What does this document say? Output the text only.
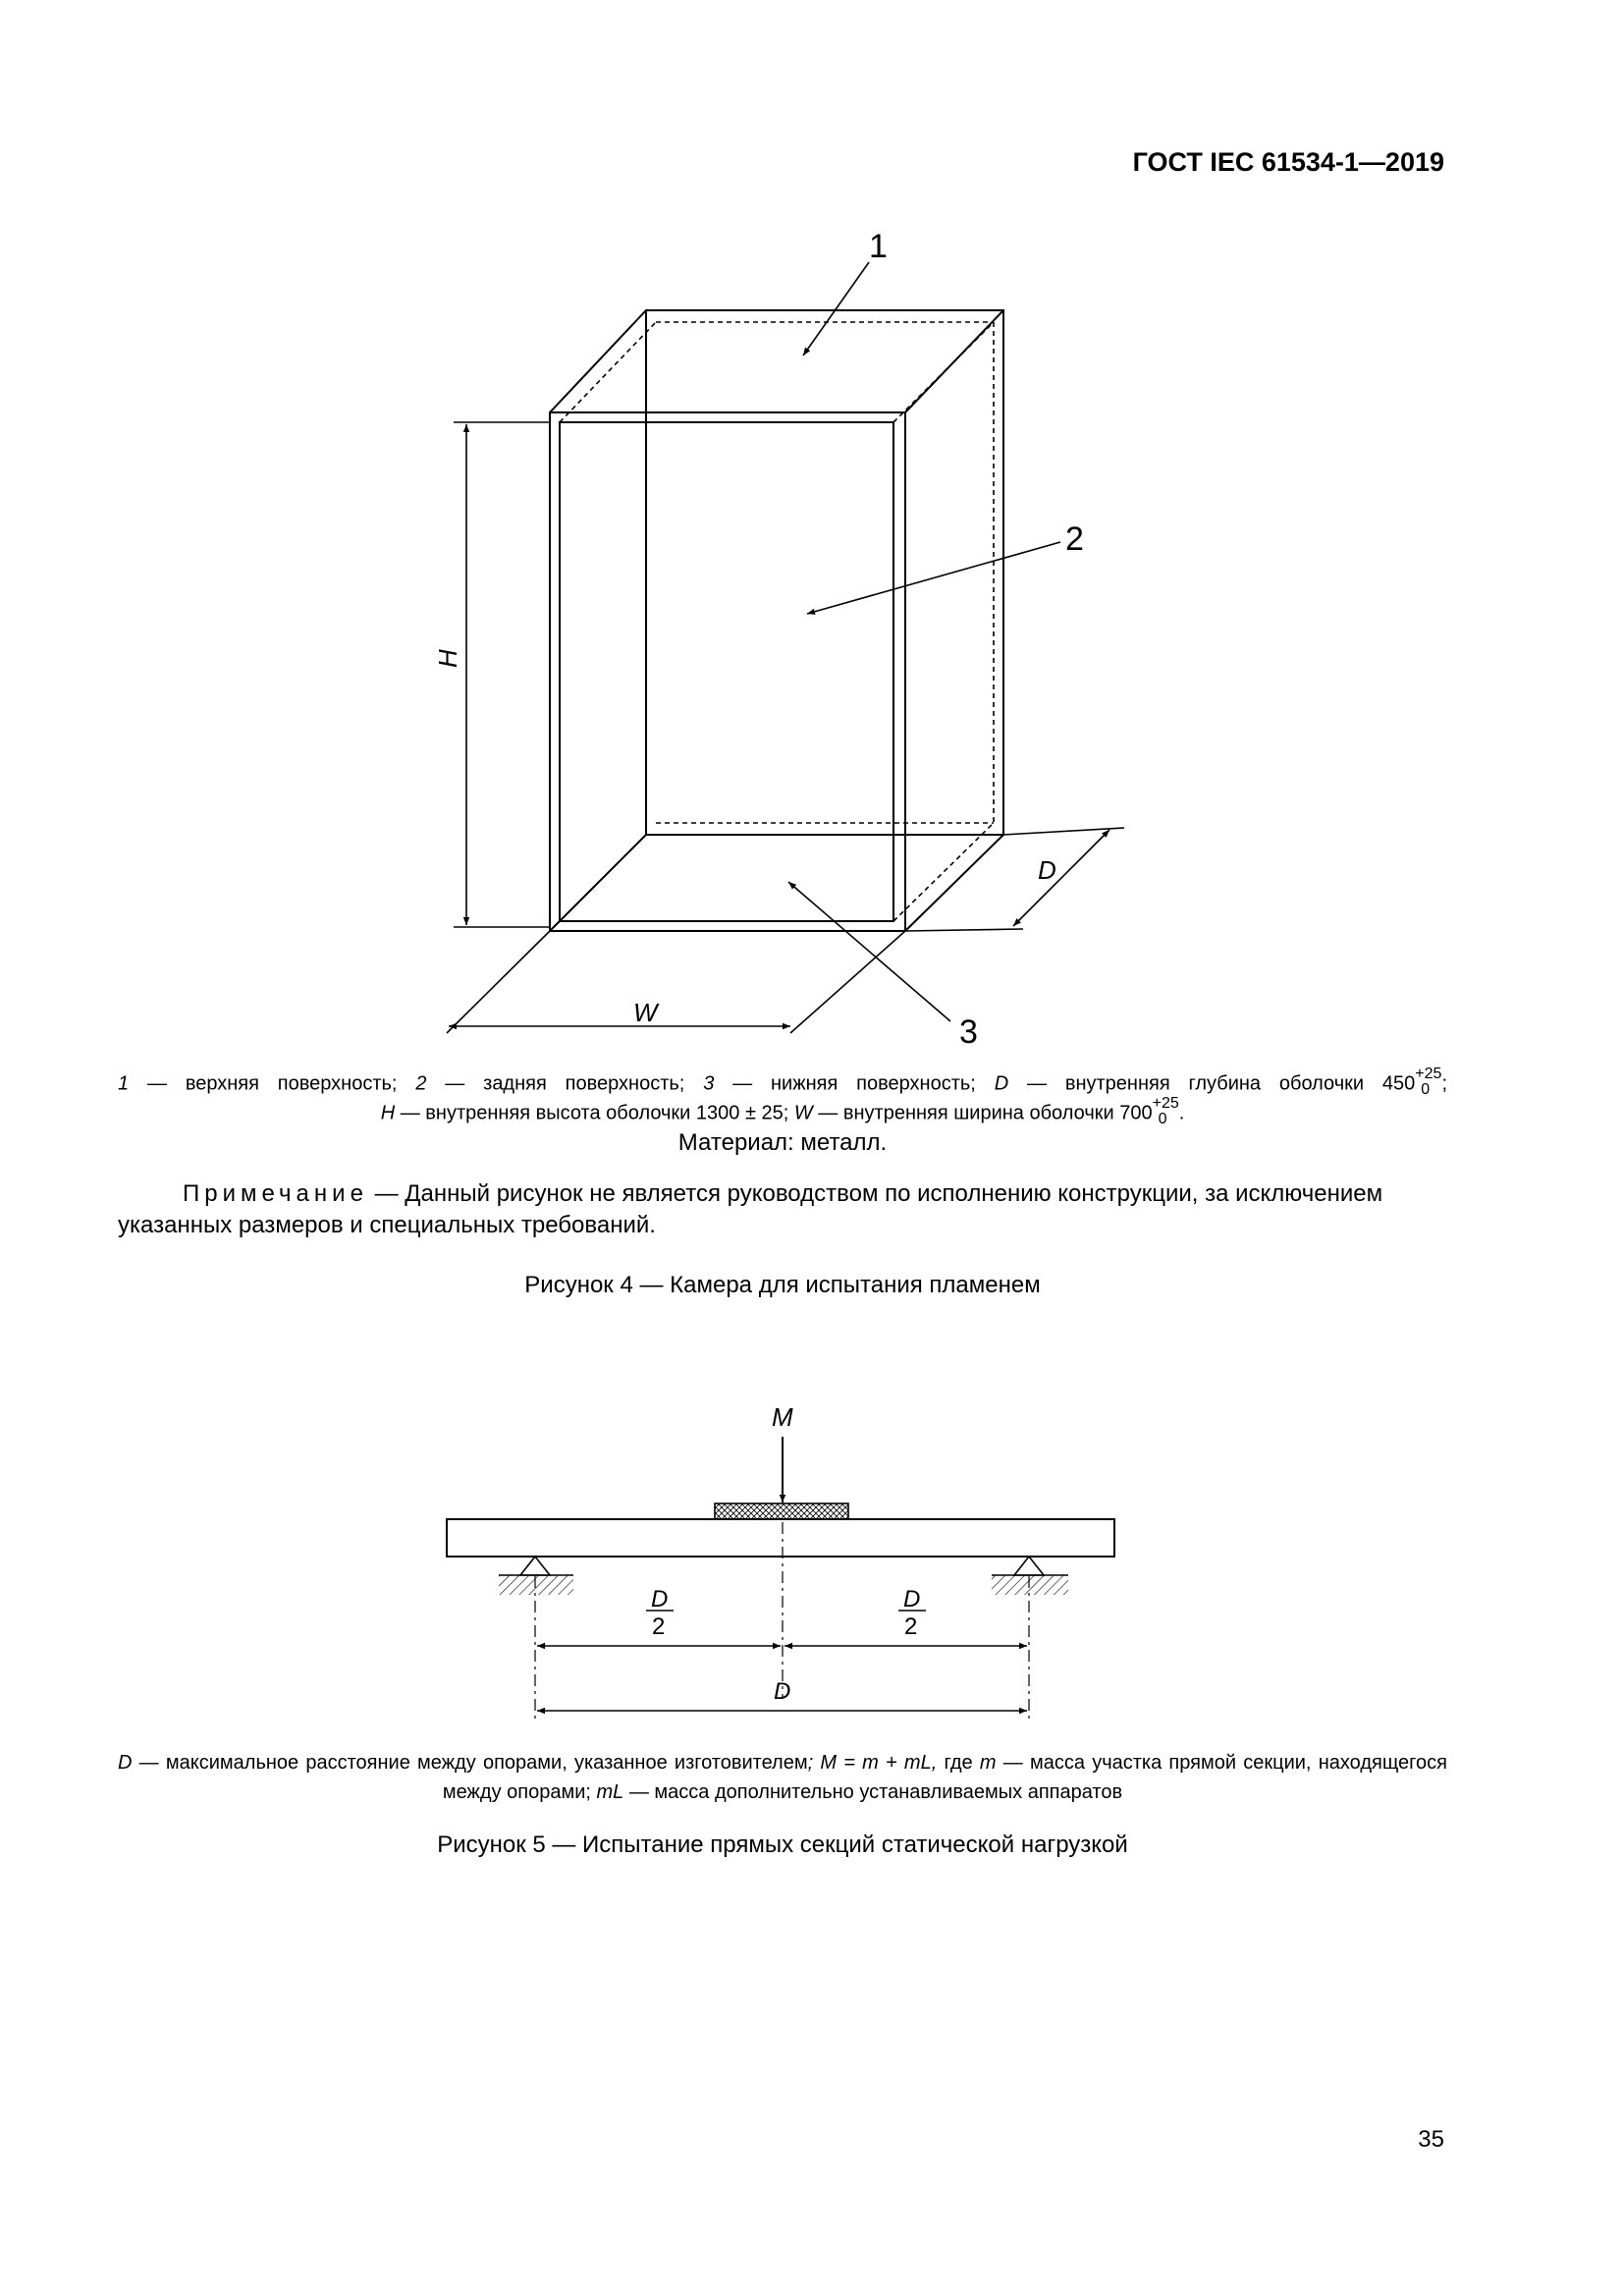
ГОСТ IEC 61534-1—2019
1
2
3
H
W
D
1 — верхняя поверхность; 2 — задняя поверхность; 3 — нижняя поверхность; D — внутренняя глубина оболочки 450 +25
0 ;
H — внутренняя высота оболочки 1300 ± 25; W — внутренняя ширина оболочки 700 +25
0 .
Материал: металл.
Примечание — Данный рисунок не является руководством по исполнению конструкции, за исключением указанных размеров и специальных требований.
Рисунок 4 — Камера для испытания пламенем
M
D
2
D
2
D
D — максимальное расстояние между опорами, указанное изготовителем; M = m + mL, где m — масса участка прямой секции, находящегося между опорами; mL — масса дополнительно устанавливаемых аппаратов
Рисунок 5 — Испытание прямых секций статической нагрузкой
35
